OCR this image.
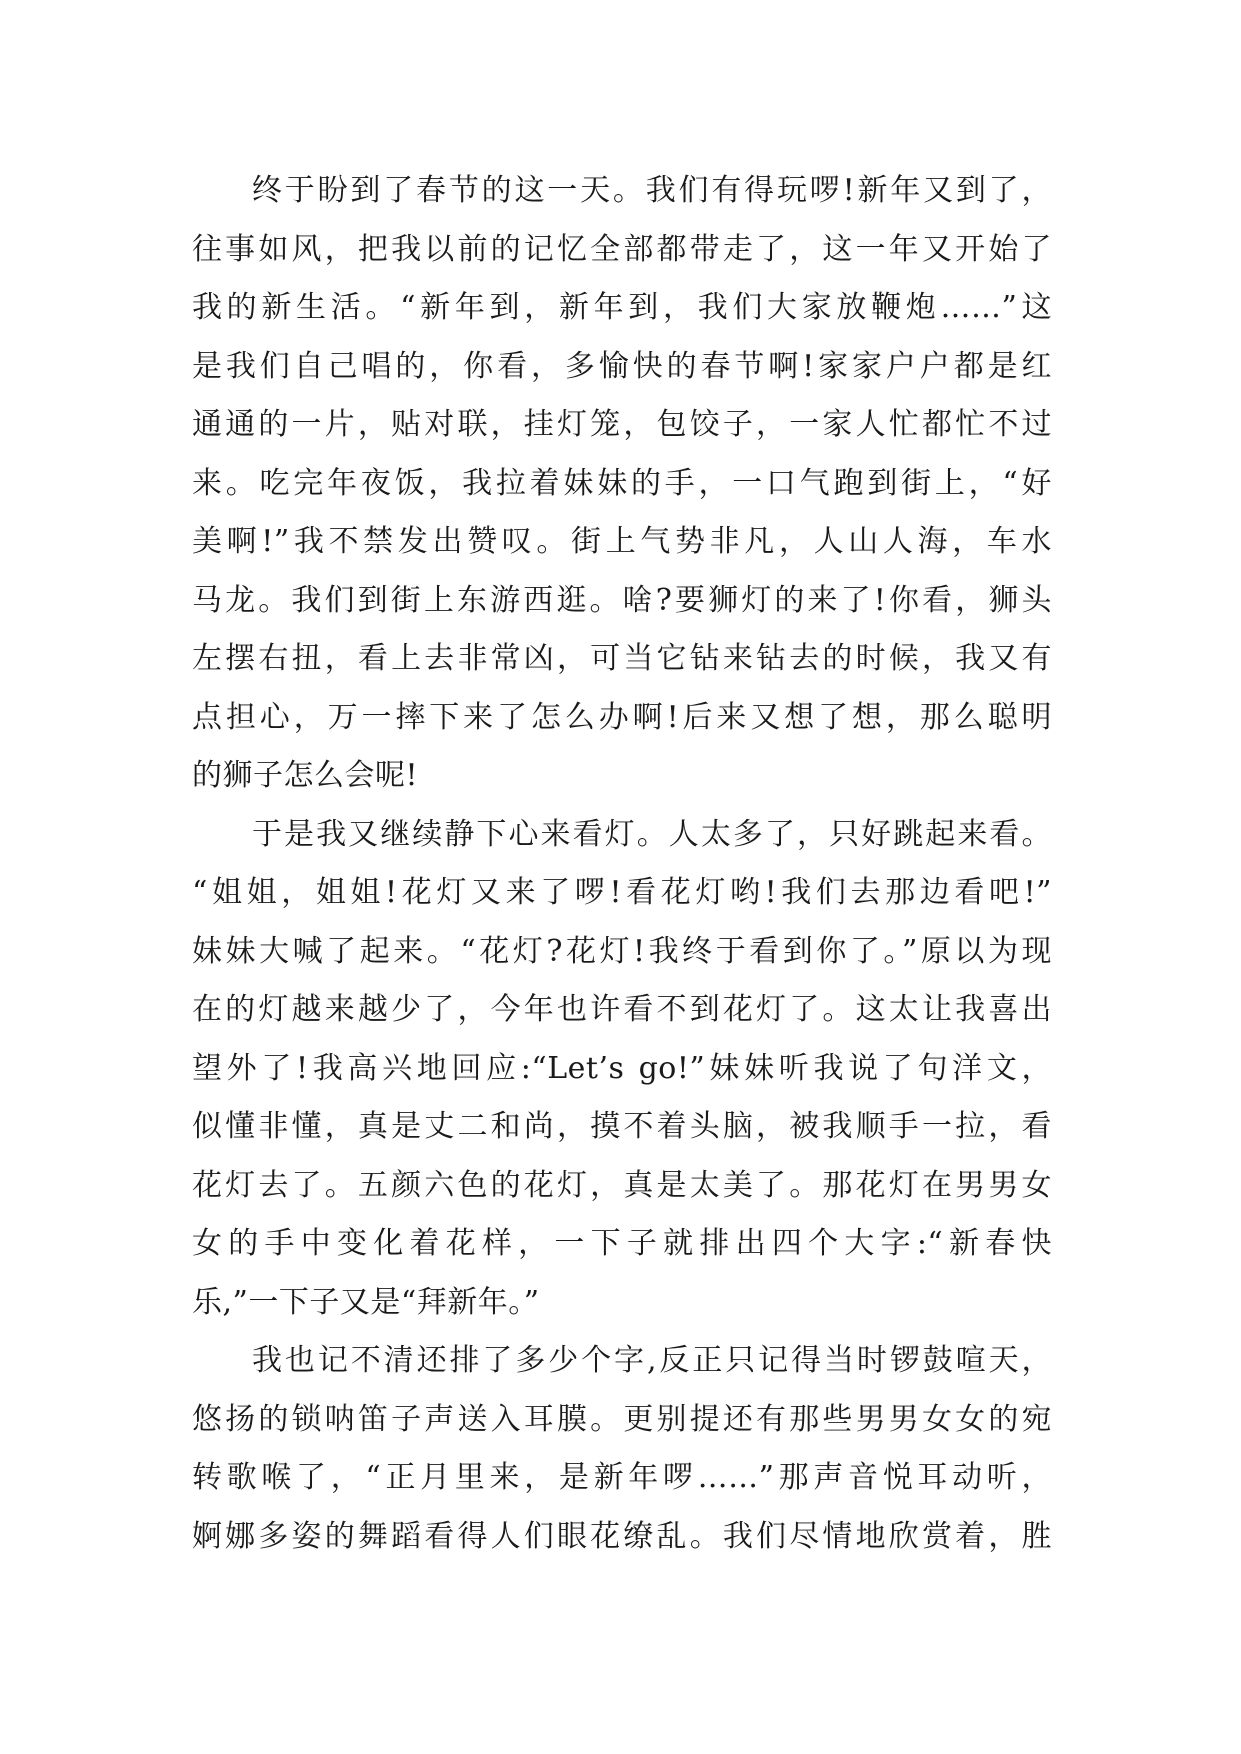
终于盼到了春节的这一天。我们有得玩啰!新年又到了，
往事如风，把我以前的记忆全部都带走了，这一年又开始了
我的新生活。“新年到，新年到，我们大家放鞭炮……”这
是我们自己唱的，你看，多愉快的春节啊!家家户户都是红
通通的一片，贴对联，挂灯笼，包饺子，一家人忙都忙不过
来。吃完年夜饭，我拉着妹妹的手，一口气跑到街上，“好
美啊!”我不禁发出赞叹。街上气势非凡，人山人海，车水
马龙。我们到街上东游西逛。啥?要狮灯的来了!你看，狮头
左摆右扭，看上去非常凶，可当它钻来钻去的时候，我又有
点担心，万一摔下来了怎么办啊!后来又想了想，那么聪明
的狮子怎么会呢!
于是我又继续静下心来看灯。人太多了，只好跳起来看。
“姐姐，姐姐!花灯又来了啰!看花灯哟!我们去那边看吧!”
妹妹大喊了起来。“花灯?花灯!我终于看到你了。”原以为现
在的灯越来越少了，今年也许看不到花灯了。这太让我喜出
望外了!我高兴地回应:“Let’s go!”妹妹听我说了句洋文，
似懂非懂，真是丈二和尚，摸不着头脑，被我顺手一拉，看
花灯去了。五颜六色的花灯，真是太美了。那花灯在男男女
女的手中变化着花样，一下子就排出四个大字:“新春快
乐,”一下子又是“拜新年。”
我也记不清还排了多少个字,反正只记得当时锣鼓喧天，
悠扬的锁呐笛子声送入耳膜。更别提还有那些男男女女的宛
转歌喉了，“正月里来，是新年啰……”那声音悦耳动听，
婀娜多姿的舞蹈看得人们眼花缭乱。我们尽情地欣赏着，胜
